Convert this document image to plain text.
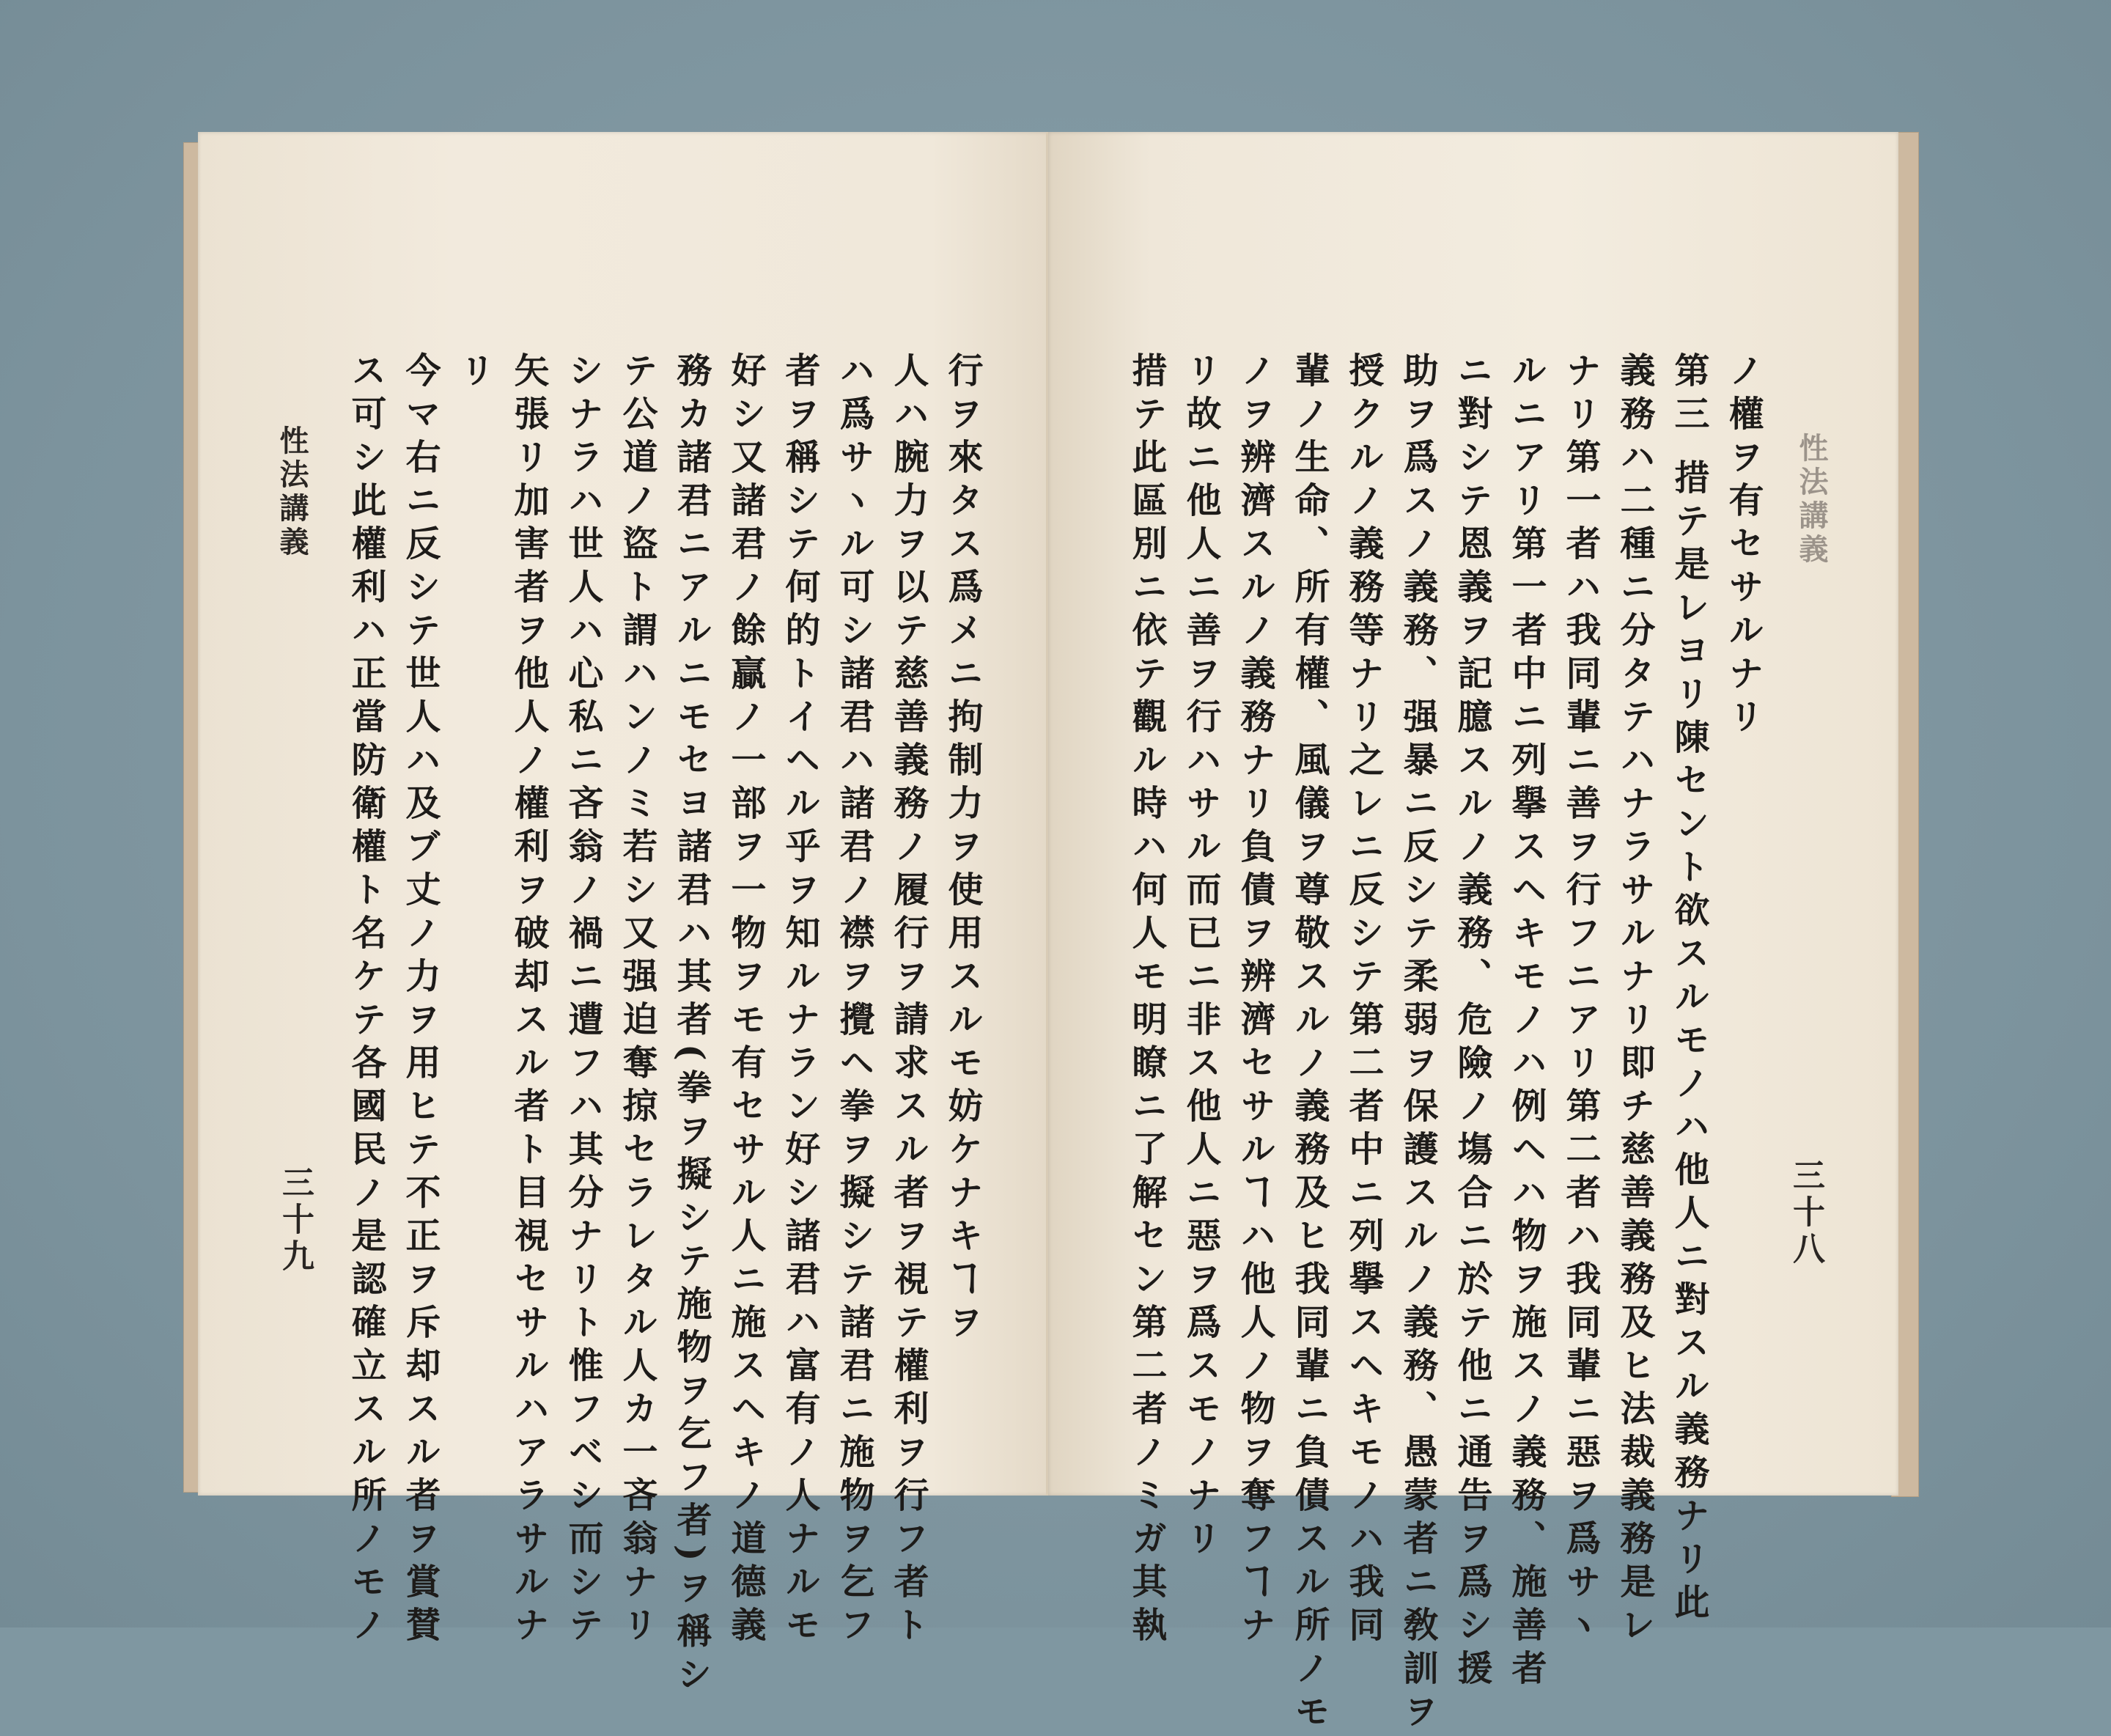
行ヲ來タス爲メニ拘制力ヲ使用スルモ妨ケナキヿヲ
人ハ腕力ヲ以テ慈善義務ノ履行ヲ請求スル者ヲ視テ權利ヲ行フ者ト
ハ爲サヽル可シ諸君ハ諸君ノ襟ヲ攪ヘ拳ヲ擬シテ諸君ニ施物ヲ乞フ
者ヲ稱シテ何的トイヘル乎ヲ知ルナラン好シ諸君ハ富有ノ人ナルモ
好シ又諸君ノ餘贏ノ一部ヲ一物ヲモ有セサル人ニ施スヘキノ道德義
務カ諸君ニアルニモセヨ諸君ハ其者(拳ヲ擬シテ施物ヲ乞フ者)ヲ稱シ
テ公道ノ盜ト謂ハンノミ若シ又强迫奪掠セラレタル人カ一吝翁ナリ
シナラハ世人ハ心私ニ吝翁ノ禍ニ遭フハ其分ナリト惟フベシ而シテ
矢張リ加害者ヲ他人ノ權利ヲ破却スル者ト目視セサルハアラサルナ
リ
今マ右ニ反シテ世人ハ及ブ丈ノ力ヲ用ヒテ不正ヲ斥却スル者ヲ賞賛
ス可シ此權利ハ正當防衛權ト名ケテ各國民ノ是認確立スル所ノモノ
性法講義
三十九
性法講義
三十八
ノ權ヲ有セサルナリ
第三 措テ是レヨリ陳セント欲スルモノハ他人ニ對スル義務ナリ此
義務ハ二種ニ分タテハナラサルナリ即チ慈善義務及ヒ法裁義務是レ
ナリ第一者ハ我同輩ニ善ヲ行フニアリ第二者ハ我同輩ニ惡ヲ爲サヽ
ルニアリ第一者中ニ列擧スヘキモノハ例ヘハ物ヲ施スノ義務、施善者
ニ對シテ恩義ヲ記臆スルノ義務、危險ノ塲合ニ於テ他ニ通告ヲ爲シ援
助ヲ爲スノ義務、强暴ニ反シテ柔弱ヲ保護スルノ義務、愚蒙者ニ敎訓ヲ
授クルノ義務等ナリ之レニ反シテ第二者中ニ列擧スヘキモノハ我同
輩ノ生命、所有權、風儀ヲ尊敬スルノ義務及ヒ我同輩ニ負債スル所ノモ
ノヲ辨濟スルノ義務ナリ負債ヲ辨濟セサルヿハ他人ノ物ヲ奪フヿナ
リ故ニ他人ニ善ヲ行ハサル而已ニ非ス他人ニ惡ヲ爲スモノナリ
措テ此區別ニ依テ觀ル時ハ何人モ明瞭ニ了解セン第二者ノミガ其執
